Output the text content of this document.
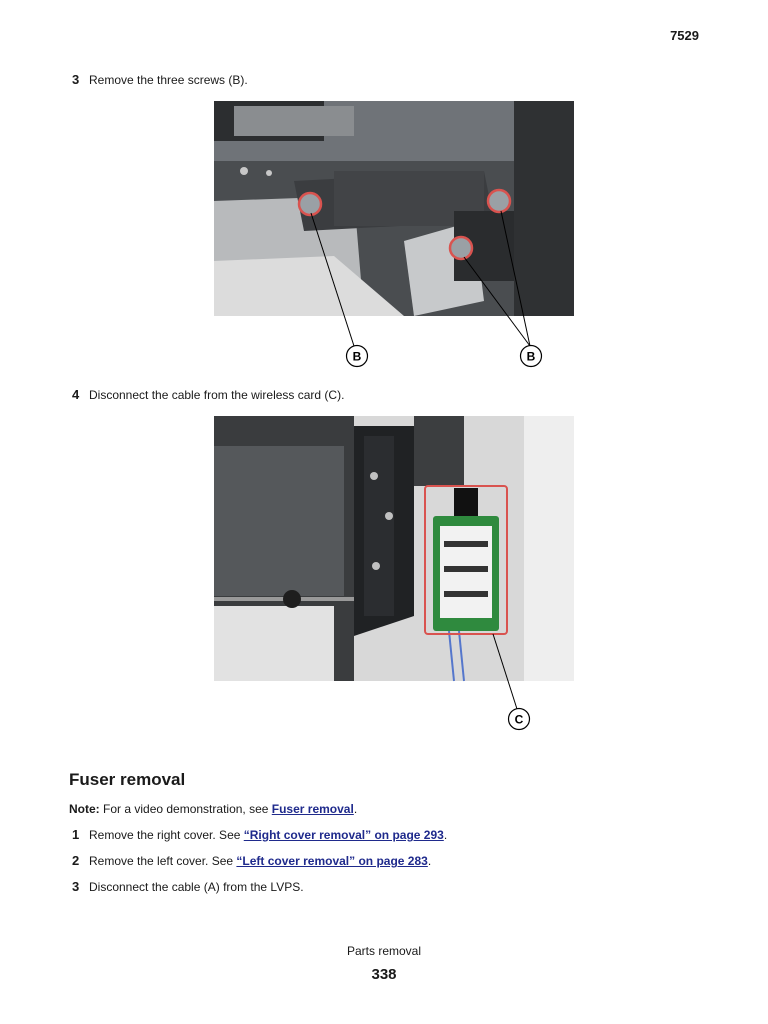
7529
3 Remove the three screws (B).
B	B
4 Disconnect the cable from the wireless card (C).
C
Fuser removal
Note: For a video demonstration, see Fuser removal.
1 Remove the right cover. See “Right cover removal” on page 293.
2 Remove the left cover. See “Left cover removal” on page 283.
3 Disconnect the cable (A) from the LVPS.
Parts removal
338
